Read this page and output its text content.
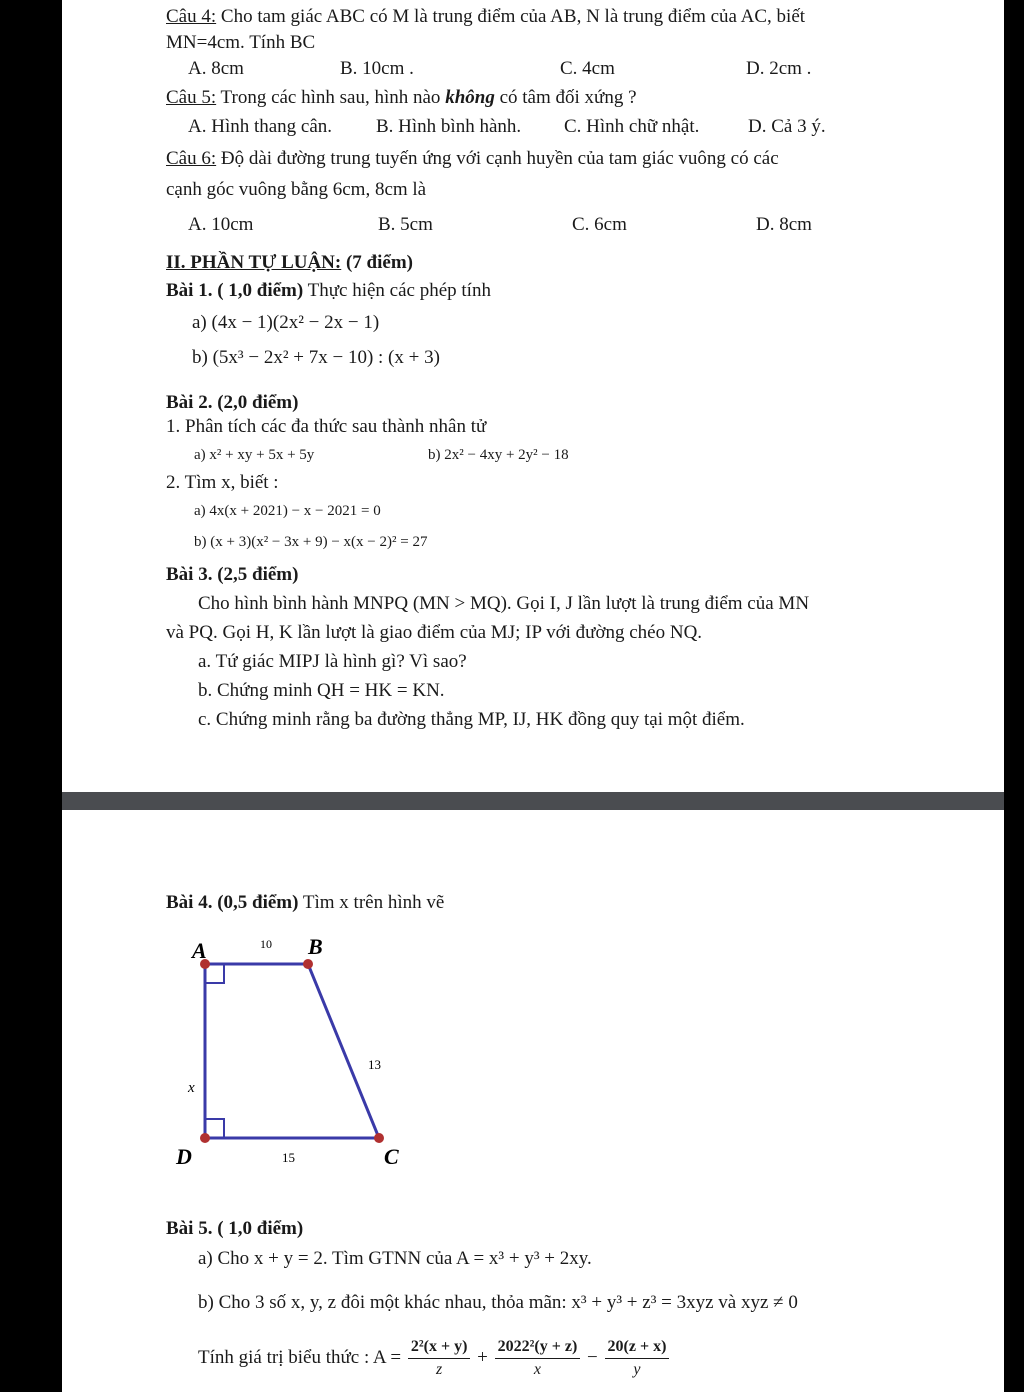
Câu 4: Cho tam giác ABC có M là trung điểm của AB, N là trung điểm của AC, biết
MN=4cm. Tính BC
A. 8cm	B. 10cm .	C. 4cm	D. 2cm .
Câu 5: Trong các hình sau, hình nào không có tâm đối xứng ?
A. Hình thang cân. B. Hình bình hành. C. Hình chữ nhật.	D. Cả 3 ý.
Câu 6: Độ dài đường trung tuyến ứng với cạnh huyền của tam giác vuông có các
cạnh góc vuông bằng 6cm, 8cm là
A. 10cm	B. 5cm	C. 6cm	D. 8cm
II. PHẦN TỰ LUẬN: (7 điểm)
Bài 1. ( 1,0 điểm) Thực hiện các phép tính
a) (4x − 1)(2x² − 2x − 1)
b) (5x³ − 2x² + 7x − 10) : (x + 3)
Bài 2. (2,0 điểm)
1. Phân tích các đa thức sau thành nhân tử
a) x² + xy + 5x + 5y	b) 2x² − 4xy + 2y² − 18
2. Tìm x, biết :
a) 4x(x + 2021) − x − 2021 = 0
b) (x + 3)(x² − 3x + 9) − x(x − 2)² = 27
Bài 3. (2,5 điểm)
Cho hình bình hành MNPQ (MN > MQ). Gọi I, J lần lượt là trung điểm của MN
và PQ. Gọi H, K lần lượt là giao điểm của MJ; IP với đường chéo NQ.
a. Tứ giác MIPJ là hình gì? Vì sao?
b. Chứng minh QH = HK = KN.
c. Chứng minh rằng ba đường thẳng MP, IJ, HK đồng quy tại một điểm.
Bài 4. (0,5 điểm) Tìm x trên hình vẽ
A	B
C
D
10
13
x
15
Bài 5. ( 1,0 điểm)
a) Cho x + y = 2. Tìm GTNN của A = x³ + y³ + 2xy.
b) Cho 3 số x, y, z đôi một khác nhau, thỏa mãn: x³ + y³ + z³ = 3xyz và xyz ≠ 0
Tính giá trị biểu thức : $A = \frac{\text{2²(x + y)}}{z} + \frac{\text{2022²(y + z)}}{x} - \frac{20(z + x)}{y}$
